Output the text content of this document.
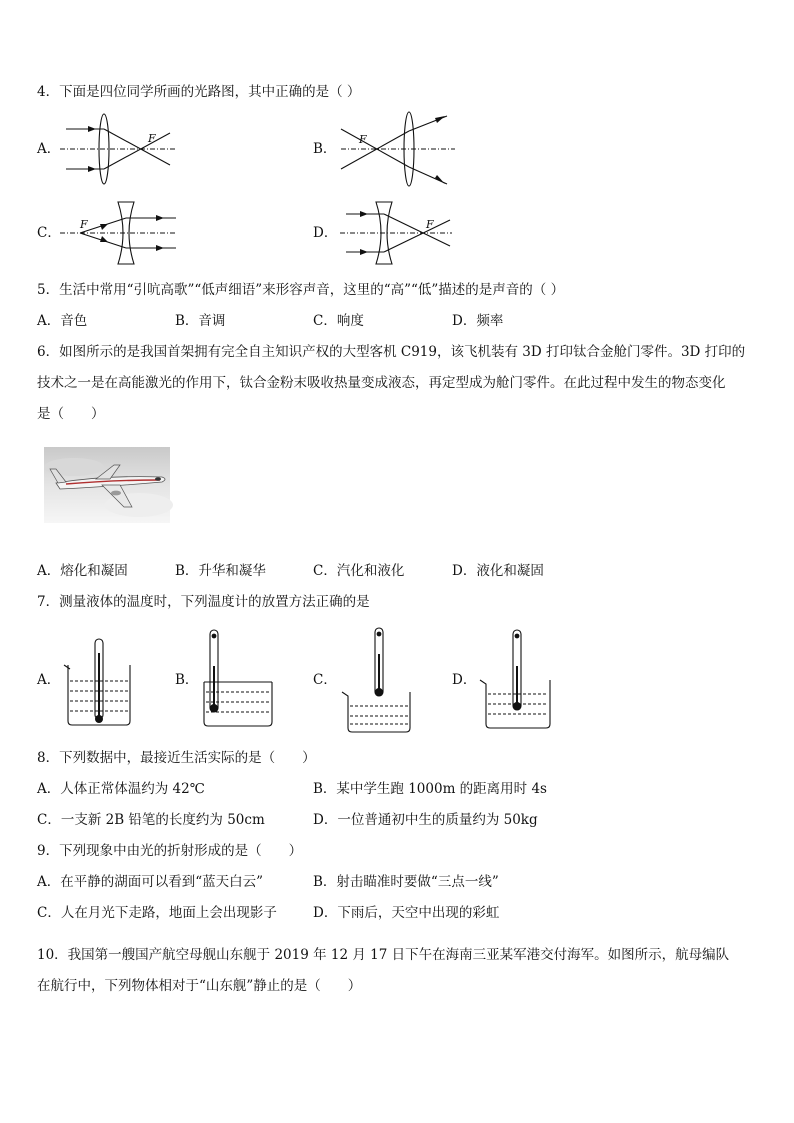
4．下面是四位同学所画的光路图，其中正确的是（ ）
A．
F
B．
F
C．
F
D．
F
5．生活中常用“引吭高歌”“低声细语”来形容声音，这里的“高”“低”描述的是声音的（ ）
A．音色	B．音调	C．响度	D．频率
6．如图所示的是我国首架拥有完全自主知识产权的大型客机 C919，该飞机装有 3D 打印钛合金舱门零件。3D 打印的
技术之一是在高能激光的作用下，钛合金粉末吸收热量变成液态，再定型成为舱门零件。在此过程中发生的物态变化
是（　　）
A．熔化和凝固	B．升华和凝华	C．汽化和液化	D．液化和凝固
7．测量液体的温度时，下列温度计的放置方法正确的是
A．	B．	C．	D．
8．下列数据中，最接近生活实际的是（　　）
A．人体正常体温约为 42℃	B．某中学生跑 1000m 的距离用时 4s
C．一支新 2B 铅笔的长度约为 50cm	D．一位普通初中生的质量约为 50kg
9．下列现象中由光的折射形成的是（　　）
A．在平静的湖面可以看到“蓝天白云”	B．射击瞄准时要做“三点一线”
C．人在月光下走路，地面上会出现影子	D．下雨后，天空中出现的彩虹
10．我国第一艘国产航空母舰山东舰于 2019 年 12 月 17 日下午在海南三亚某军港交付海军。如图所示，航母编队
在航行中，下列物体相对于“山东舰”静止的是（　　）
